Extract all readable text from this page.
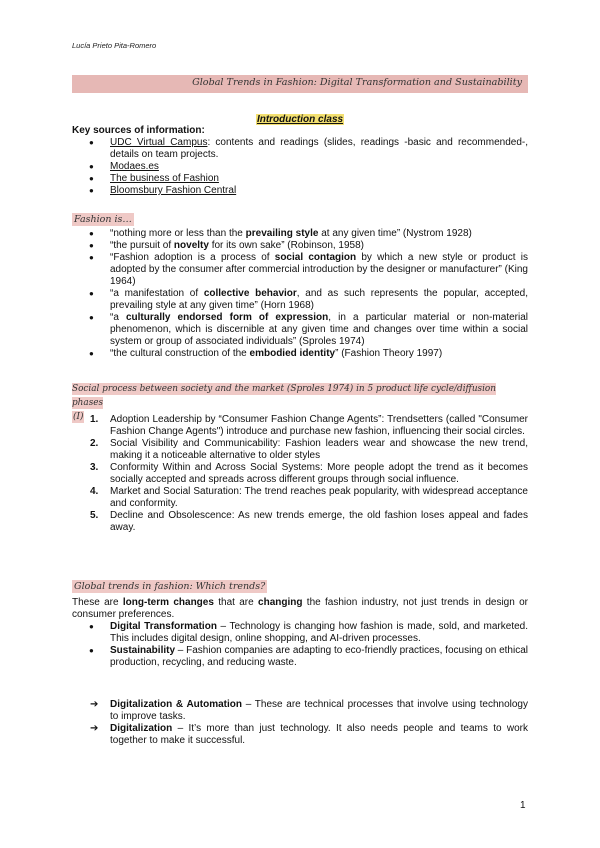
Lucía Prieto Pita-Romero
Global Trends in Fashion: Digital Transformation and Sustainability
Introduction class
Key sources of information:
● UDC Virtual Campus: contents and readings (slides, readings -basic and recommended-, details on team projects.
● Modaes.es
● The business of Fashion
● Bloomsbury Fashion Central
Fashion is…
● “nothing more or less than the prevailing style at any given time” (Nystrom 1928)
● “the pursuit of novelty for its own sake” (Robinson, 1958)
● “Fashion adoption is a process of social contagion by which a new style or product is adopted by the consumer after commercial introduction by the designer or manufacturer” (King 1964)
● “a manifestation of collective behavior, and as such represents the popular, accepted, prevailing style at any given time” (Horn 1968)
● “a culturally endorsed form of expression, in a particular material or non-material phenomenon, which is discernible at any given time and changes over time within a social system or group of associated individuals” (Sproles 1974)
● “the cultural construction of the embodied identity” (Fashion Theory 1997)
Social process between society and the market (Sproles 1974) in 5 product life cycle/diffusion phases
(I) 1. Adoption Leadership by “Consumer Fashion Change Agents”: Trendsetters (called "Consumer Fashion Change Agents") introduce and purchase new fashion, influencing their social circles.
2. Social Visibility and Communicability: Fashion leaders wear and showcase the new trend, making it a noticeable alternative to older styles
3. Conformity Within and Across Social Systems: More people adopt the trend as it becomes socially accepted and spreads across different groups through social influence.
4. Market and Social Saturation: The trend reaches peak popularity, with widespread acceptance and conformity.
5. Decline and Obsolescence: As new trends emerge, the old fashion loses appeal and fades away.
Global trends in fashion: Which trends?
These are long-term changes that are changing the fashion industry, not just trends in design or consumer preferences.
● Digital Transformation – Technology is changing how fashion is made, sold, and marketed. This includes digital design, online shopping, and AI-driven processes.
● Sustainability – Fashion companies are adapting to eco-friendly practices, focusing on ethical production, recycling, and reducing waste.
➔ Digitalization & Automation – These are technical processes that involve using technology to improve tasks.
➔ Digitalization – It’s more than just technology. It also needs people and teams to work together to make it successful.
1
